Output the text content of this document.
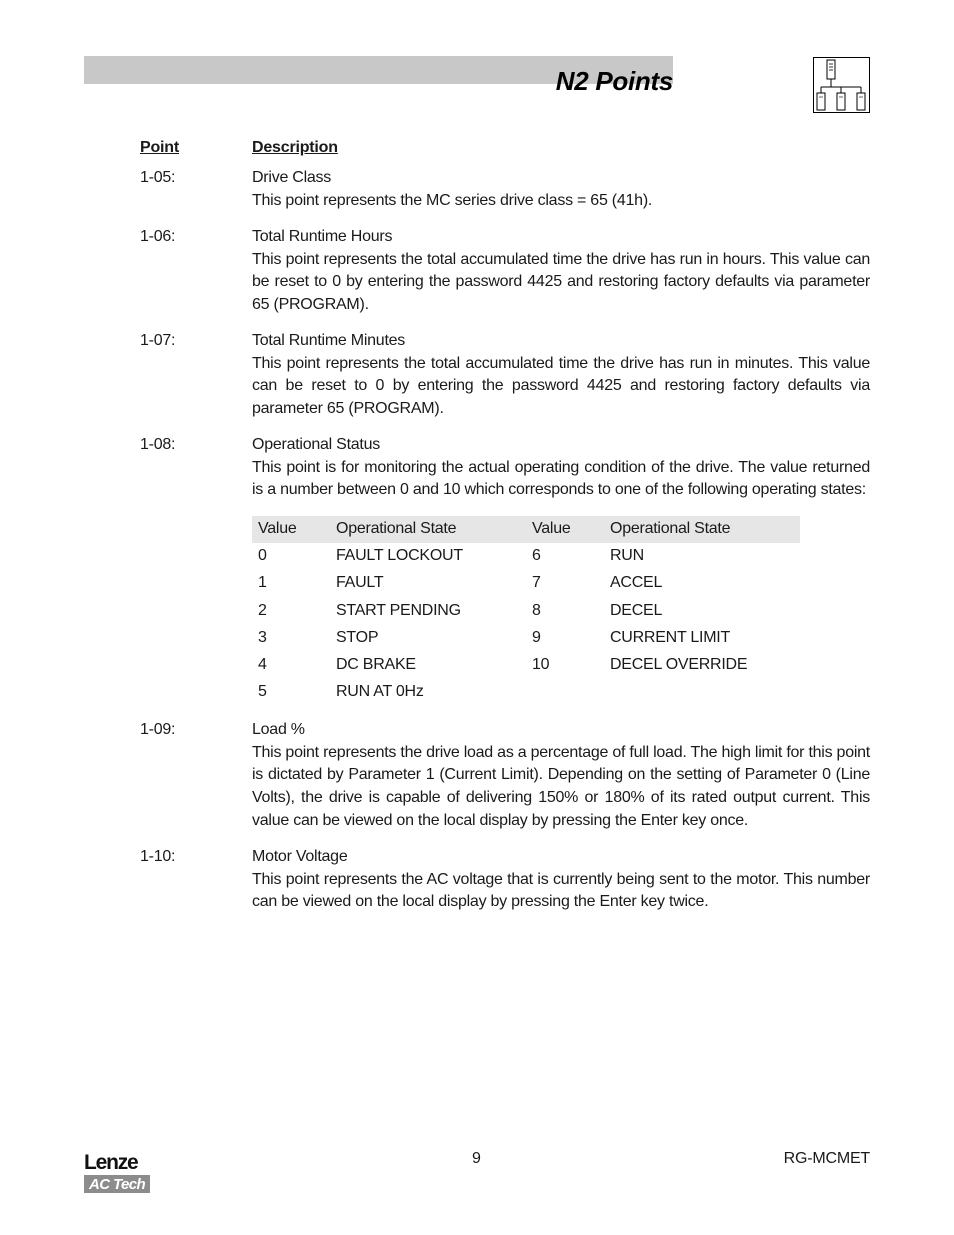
N2 Points
Point	Description
1-05:	Drive Class

This point represents the MC series drive class = 65 (41h).

1-06:	Total Runtime Hours

This point represents the total accumulated time the drive has run in hours. This value can be reset to 0 by entering the password 4425 and restoring factory defaults via parameter 65 (PROGRAM).

1-07:	Total Runtime Minutes

This point represents the total accumulated time the drive has run in minutes. This value can be reset to 0 by entering the password 4425 and restoring factory defaults via parameter 65 (PROGRAM).

1-08:	Operational Status

This point is for monitoring the actual operating condition of the drive. The value returned is a number between 0 and 10 which corresponds to one of the following operating states:

Value Operational State	Value Operational State
0	FAULT LOCKOUT	6	RUN
1	FAULT	7	ACCEL
2	START PENDING	8	DECEL
3	STOP	9	CURRENT LIMIT
4	DC BRAKE	10	DECEL OVERRIDE
5	RUN AT 0Hz
1-09:	Load %

This point represents the drive load as a percentage of full load. The high limit for this point is dictated by Parameter 1 (Current Limit). Depending on the setting of Parameter 0 (Line Volts), the drive is capable of delivering 150% or 180% of its rated output current. This value can be viewed on the local display by pressing the Enter key once.

1-10:	Motor Voltage

This point represents the AC voltage that is currently being sent to the motor. This number can be viewed on the local display by pressing the Enter key twice.

Lenze
AC Tech
9	RG-MCMET
